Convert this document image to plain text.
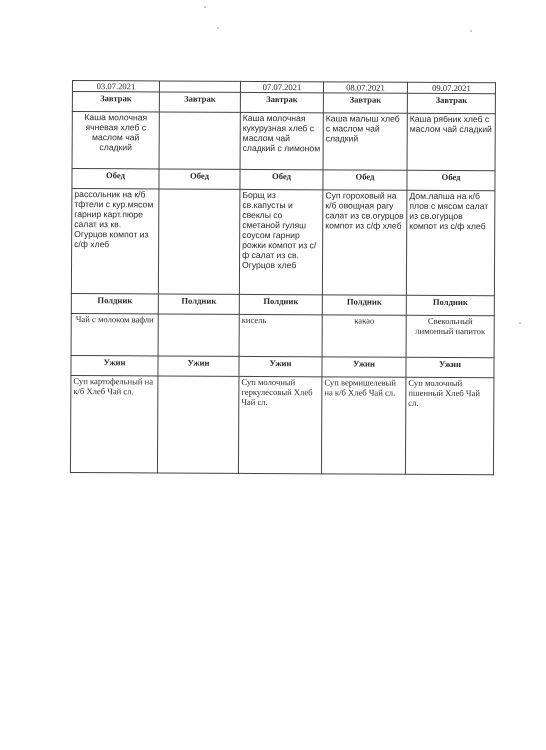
03.07.2021		07.07.2021	08.07.2021	09.07.2021
Завтрак	Завтрак	Завтрак	Завтрак	Завтрак
Каша молочная ячневая хлеб с маслом чай сладкий		Каша молочная кукурузная хлеб с маслом чай сладкий с лимоном	Каша малыш хлеб с маслом чай сладкий	Каша рябник хлеб с маслом чай сладкий
Обед	Обед	Обед	Обед	Обед
рассольник на к/б тфтели с кур.мясом гарнир карт.пюре салат из кв. Огурцов компот из с/ф хлеб		Борщ из св.капусты и свеклы со сметаной гуляш соусом гарнир рожки компот из с/ф салат из св. Огурцов хлеб	Суп гороховый на к/б овощная рагу салат из св.огурцов компот из с/ф хлеб	Дом.лапша на к/б плов с мясом салат из св.огурцов компот из с/ф хлеб
Полдник	Полдник	Полдник	Полдник	Полдник
Чай с молоком вафли		кисель	какао	Свекольный лимонный напиток
Ужин	Ужин	Ужин	Ужин	Ужин
Суп картофельный на к/б Хлеб Чай сл.		Суп молочный геркулесовый Хлеб Чай сл.	Суп вермишелевый на к/б Хлеб Чай сл.	Суп молочный пшенный Хлеб Чай сл.
